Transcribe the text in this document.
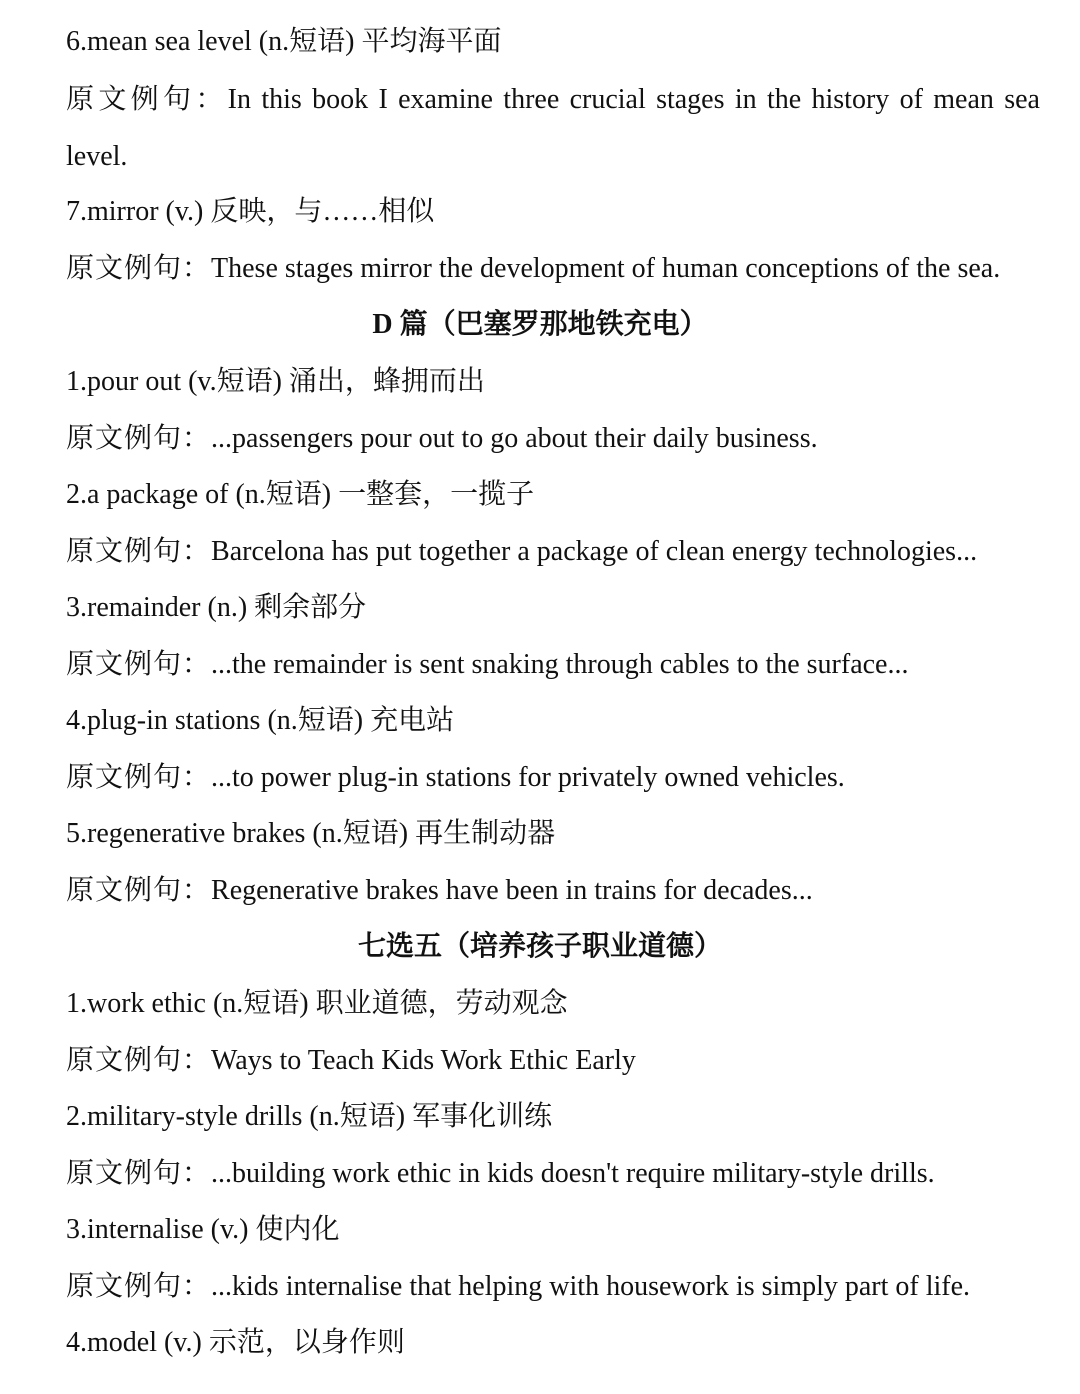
6.mean sea level (n.短语) 平均海平面
原文例句：In this book I examine three crucial stages in the history of mean sea level.
7.mirror (v.) 反映，与……相似
原文例句：These stages mirror the development of human conceptions of the sea.
D 篇（巴塞罗那地铁充电）
1.pour out (v.短语) 涌出，蜂拥而出
原文例句：...passengers pour out to go about their daily business.
2.a package of (n.短语) 一整套，一揽子
原文例句：Barcelona has put together a package of clean energy technologies...
3.remainder (n.) 剩余部分
原文例句：...the remainder is sent snaking through cables to the surface...
4.plug-in stations (n.短语) 充电站
原文例句：...to power plug-in stations for privately owned vehicles.
5.regenerative brakes (n.短语) 再生制动器
原文例句：Regenerative brakes have been in trains for decades...
七选五（培养孩子职业道德）
1.work ethic (n.短语) 职业道德，劳动观念
原文例句：Ways to Teach Kids Work Ethic Early
2.military-style drills (n.短语) 军事化训练
原文例句：...building work ethic in kids doesn't require military-style drills.
3.internalise (v.) 使内化
原文例句：...kids internalise that helping with housework is simply part of life.
4.model (v.) 示范，以身作则
